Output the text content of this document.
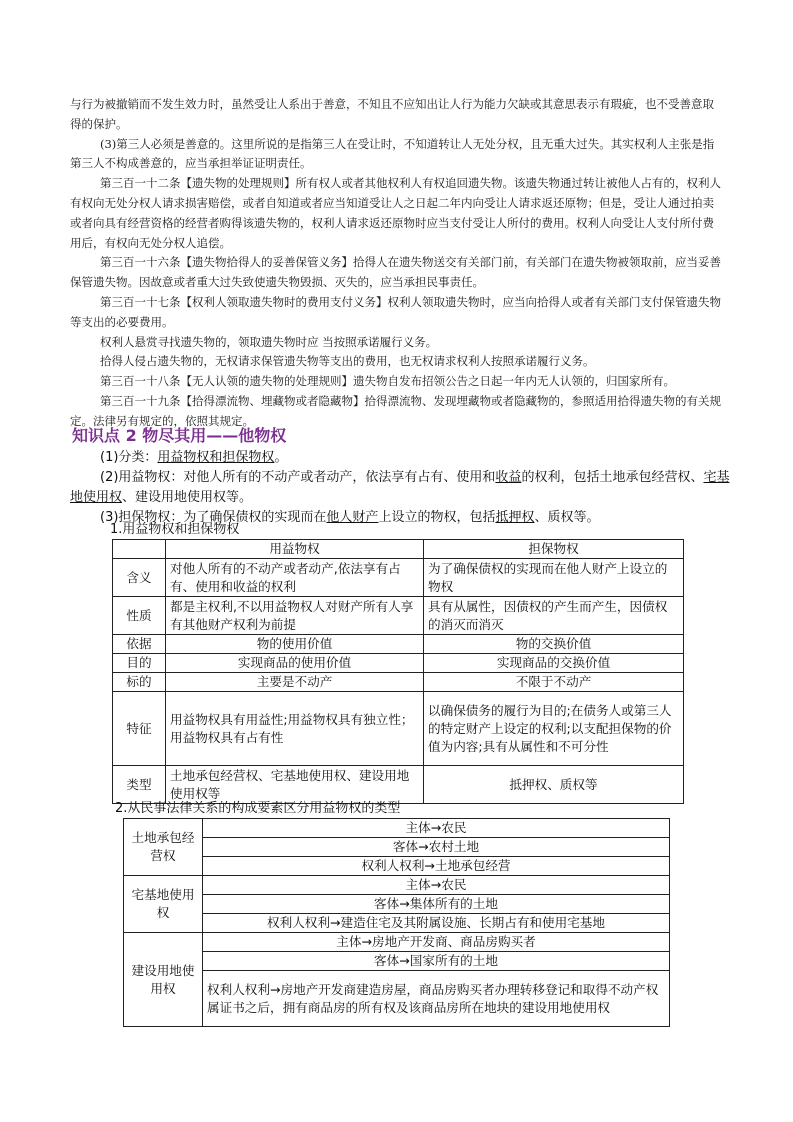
与行为被撤销而不发生效力时，虽然受让人系出于善意，不知且不应知出让人行为能力欠缺或其意思表示有瑕疵，也不受善意取得的保护。

(3)第三人必须是善意的。这里所说的是指第三人在受让时，不知道转让人无处分权，且无重大过失。其实权利人主张是指第三人不构成善意的，应当承担举证证明责任。

第三百一十二条【遗失物的处理规则】所有权人或者其他权利人有权追回遗失物。该遗失物通过转让被他人占有的，权利人有权向无处分权人请求损害赔偿，或者自知道或者应当知道受让人之日起二年内向受让人请求返还原物；但是，受让人通过拍卖或者向具有经营资格的经营者购得该遗失物的，权利人请求返还原物时应当支付受让人所付的费用。权利人向受让人支付所付费用后，有权向无处分权人追偿。

第三百一十六条【遗失物拾得人的妥善保管义务】拾得人在遗失物送交有关部门前，有关部门在遗失物被领取前，应当妥善保管遗失物。因故意或者重大过失致使遗失物毁损、灭失的，应当承担民事责任。

第三百一十七条【权利人领取遗失物时的费用支付义务】权利人领取遗失物时，应当向拾得人或者有关部门支付保管遗失物等支出的必要费用。

权利人悬赏寻找遗失物的，领取遗失物时应 当按照承诺履行义务。

拾得人侵占遗失物的，无权请求保管遗失物等支出的费用，也无权请求权利人按照承诺履行义务。

第三百一十八条【无人认领的遗失物的处理规则】遗失物自发布招领公告之日起一年内无人认领的，归国家所有。

第三百一十九条【拾得漂流物、埋藏物或者隐藏物】拾得漂流物、发现埋藏物或者隐藏物的，参照适用拾得遗失物的有关规定。法律另有规定的，依照其规定。

知识点 2 物尽其用——他物权

(1)分类：用益物权和担保物权。

(2)用益物权：对他人所有的不动产或者动产，依法享有占有、使用和收益的权利，包括土地承包经营权、宅基地使用权、建设用地使用权等。

(3)担保物权：为了确保债权的实现而在他人财产上设立的物权，包括抵押权、质权等。

1.用益物权和担保物权
	用益物权	担保物权
含义	对他人所有的不动产或者动产,依法享有占有、使用和收益的权利	为了确保债权的实现而在他人财产上设立的物权
性质	都是主权利,不以用益物权人对财产所有人享有其他财产权利为前提	具有从属性，因债权的产生而产生，因债权的消灭而消灭
依据	物的使用价值	物的交换价值
目的	实现商品的使用价值	实现商品的交换价值
标的	主要是不动产	不限于不动产
特征	用益物权具有用益性;用益物权具有独立性；用益物权具有占有性	以确保债务的履行为目的;在债务人或第三人的特定财产上设定的权利;以支配担保物的价值为内容;具有从属性和不可分性
类型	土地承包经营权、宅基地使用权、建设用地使用权等	抵押权、质权等
2.从民事法律关系的构成要素区分用益物权的类型
土地承包经营权	主体→农民
	客体→农村土地
	权利人权利→土地承包经营
宅基地使用权	主体→农民
	客体→集体所有的土地
	权利人权利→建造住宅及其附属设施、长期占有和使用宅基地
建设用地使用权	主体→房地产开发商、商品房购买者
	客体→国家所有的土地
	权利人权利→房地产开发商建造房屋，商品房购买者办理转移登记和取得不动产权属证书之后，拥有商品房的所有权及该商品房所在地块的建设用地使用权
